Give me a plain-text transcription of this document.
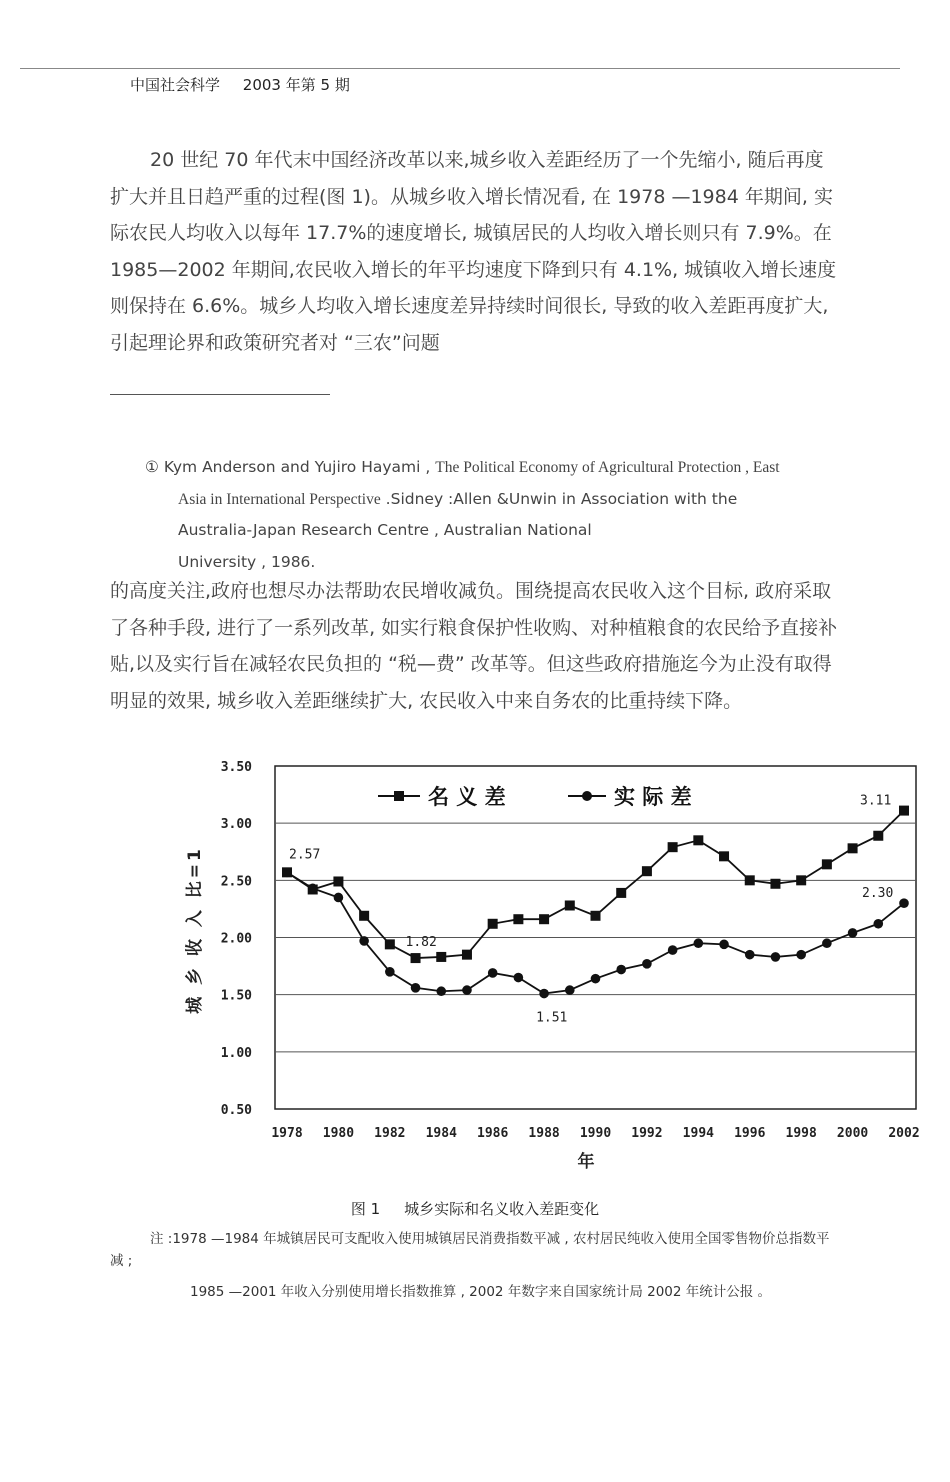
中国社会科学 2003 年第 5 期
20 世纪 70 年代末中国经济改革以来,城乡收入差距经历了一个先缩小, 随后再度扩大并且日趋严重的过程(图 1)。从城乡收入增长情况看, 在 1978 —1984 年期间, 实际农民人均收入以每年 17.7%的速度增长, 城镇居民的人均收入增长则只有 7.9%。在 1985—2002 年期间,农民收入增长的年平均速度下降到只有 4.1%, 城镇收入增长速度则保持在 6.6%。城乡人均收入增长速度差异持续时间很长, 导致的收入差距再度扩大, 引起理论界和政策研究者对 “三农”问题
① Kym Anderson and Yujiro Hayami , The Political Economy of Agricultural Protection , East
Asia in International Perspective .Sidney :Allen &Unwin in Association with the
Australia-Japan Research Centre , Australian National
University , 1986.
的高度关注,政府也想尽办法帮助农民增收减负。围绕提高农民收入这个目标, 政府采取了各种手段, 进行了一系列改革, 如实行粮食保护性收购、对种植粮食的农民给予直接补贴,以及实行旨在减轻农民负担的 “税—费” 改革等。但这些政府措施迄今为止没有取得明显的效果, 城乡收入差距继续扩大, 农民收入中来自务农的比重持续下降。
0.50
1.00
1.50
2.00
2.50
3.00
3.50
1978 1980 1982 1984 1986 1988 1990 1992 1994 1996 1998 2000 2002
年
城 乡 收 入 比=1
名 义 差	实 际 差
2.57
1.82
1.51
3.11
2.30
图 1 城乡实际和名义收入差距变化
注 :1978 —1984 年城镇居民可支配收入使用城镇居民消费指数平减 , 农村居民纯收入使用全国零售物价总指数平减 ;
1985 —2001 年收入分别使用增长指数推算 , 2002 年数字来自国家统计局 2002 年统计公报 。
